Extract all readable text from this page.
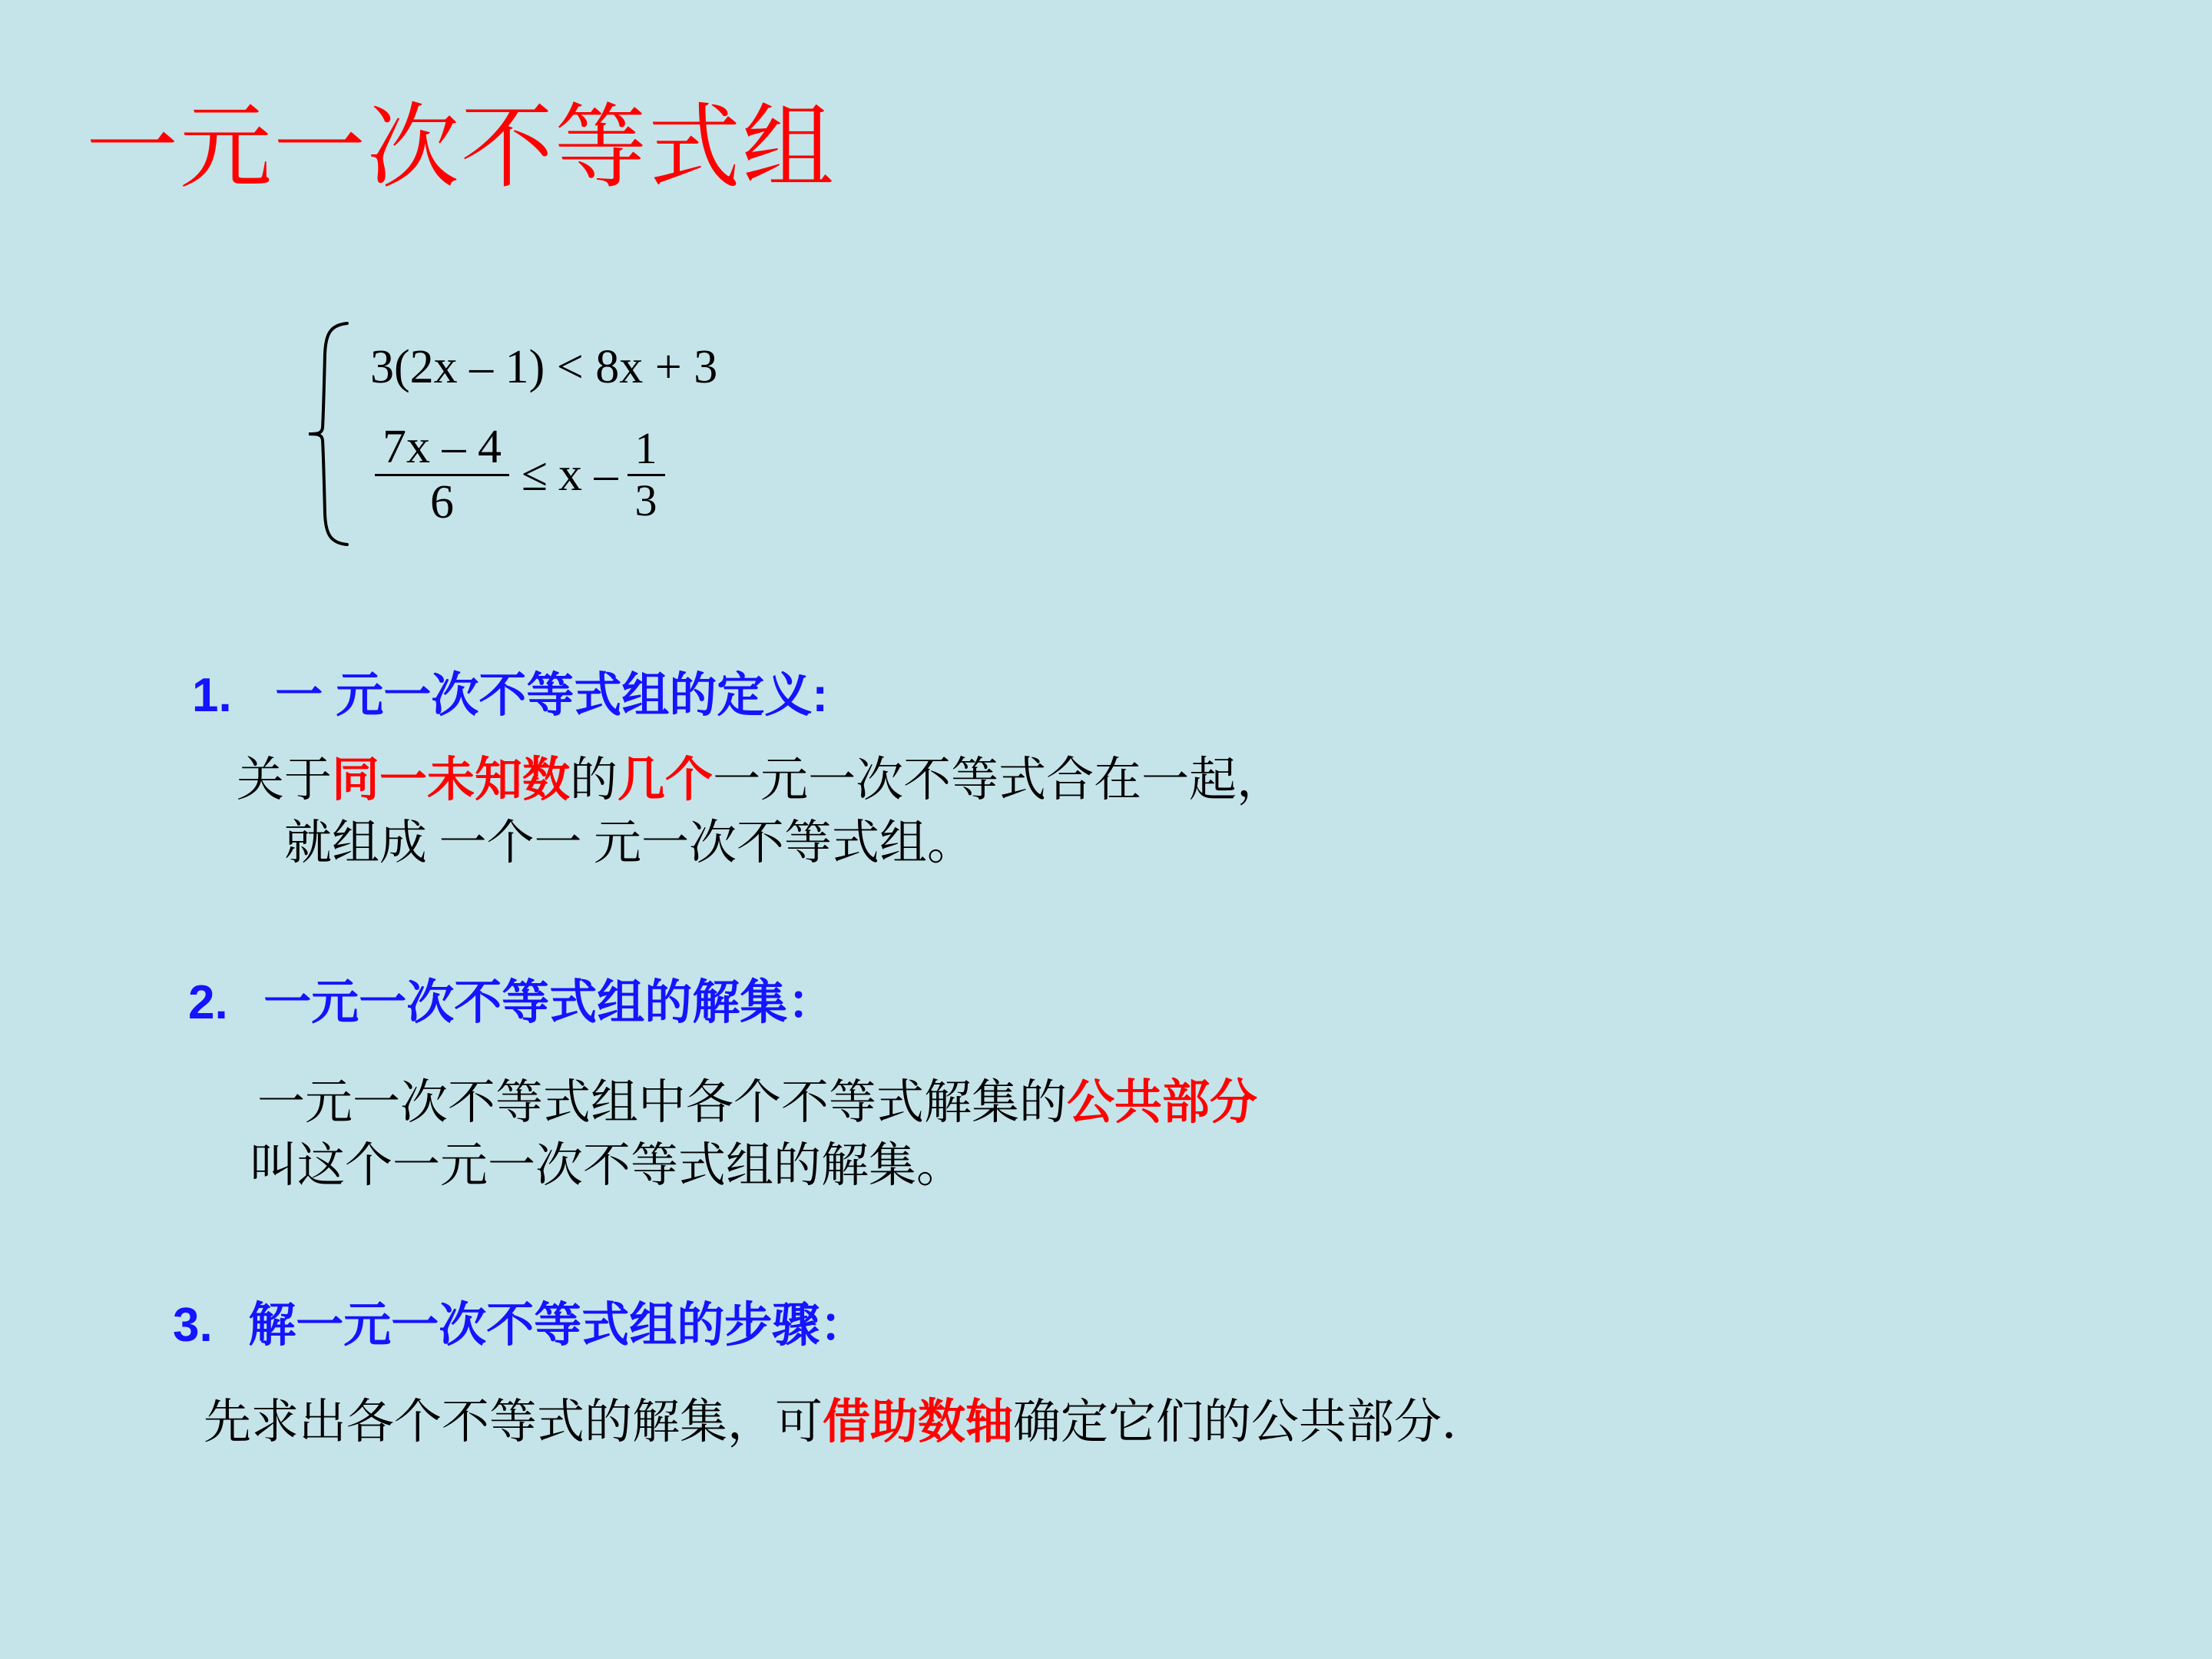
一元一次不等式组
3(2x – 1) < 8x + 3
$\frac{7x - 4}{6} \le x - \frac{1}{3}$
1. 一 元一次不等式组的定义:
关于同一未知数的几个一元一次不等式合在一起，
就组成 一个一 元一次不等式组。
2. 一元一次不等式组的解集：
一元一次不等式组中各个不等式解集的公共部分
叫这个一元一次不等式组的解集。
3. 解一元一次不等式组的步骤：
先求出各个不等式的解集，可借助数轴确定它们的公共部分．
